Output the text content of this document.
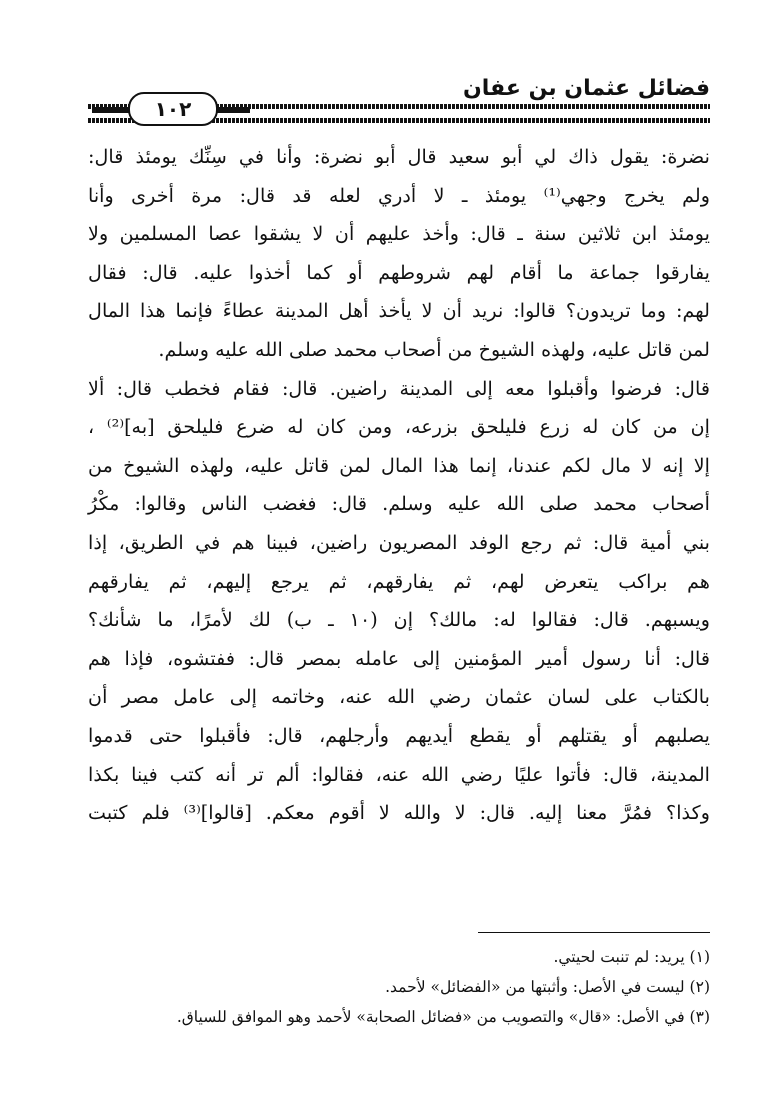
فضائل عثمان بن عفان
١٠٢
نضرة: يقول ذاك لي أبو سعيد قال أبو نضرة: وأنا في سِنِّك يومئذ قال:
ولم يخرج وجهي⁽¹⁾ يومئذ ـ لا أدري لعله قد قال: مرة أخرى وأنا
يومئذ ابن ثلاثين سنة ـ قال: وأخذ عليهم أن لا يشقوا عصا المسلمين ولا
يفارقوا جماعة ما أقام لهم شروطهم أو كما أخذوا عليه. قال: فقال
لهم: وما تريدون؟ قالوا: نريد أن لا يأخذ أهل المدينة عطاءً فإنما هذا المال
لمن قاتل عليه، ولهذه الشيوخ من أصحاب محمد صلى الله عليه وسلم.
قال: فرضوا وأقبلوا معه إلى المدينة راضين. قال: فقام فخطب قال: ألا
إن من كان له زرع فليلحق بزرعه، ومن كان له ضرع فليلحق [به]⁽²⁾ ،
إلا إنه لا مال لكم عندنا، إنما هذا المال لمن قاتل عليه، ولهذه الشيوخ من
أصحاب محمد صلى الله عليه وسلم. قال: فغضب الناس وقالوا: مكْرُ
بني أمية قال: ثم رجع الوفد المصريون راضين، فبينا هم في الطريق، إذا
هم براكب يتعرض لهم، ثم يفارقهم، ثم يرجع إليهم، ثم يفارقهم
ويسبهم. قال: فقالوا له: مالك؟ إن (١٠ ـ ب) لك لأمرًا، ما شأنك؟
قال: أنا رسول أمير المؤمنين إلى عامله بمصر قال: ففتشوه، فإذا هم
بالكتاب على لسان عثمان رضي الله عنه، وخاتمه إلى عامل مصر أن
يصلبهم أو يقتلهم أو يقطع أيديهم وأرجلهم، قال: فأقبلوا حتى قدموا
المدينة، قال: فأتوا عليًا رضي الله عنه، فقالوا: ألم تر أنه كتب فينا بكذا
وكذا؟ فمُرَّ معنا إليه. قال: لا والله لا أقوم معكم. [قالوا]⁽³⁾ فلم كتبت
(١) يريد: لم تنبت لحيتي.
(٢) ليست في الأصل: وأثبتها من «الفضائل» لأحمد.
(٣) في الأصل: «قال» والتصويب من «فضائل الصحابة» لأحمد وهو الموافق للسياق.
